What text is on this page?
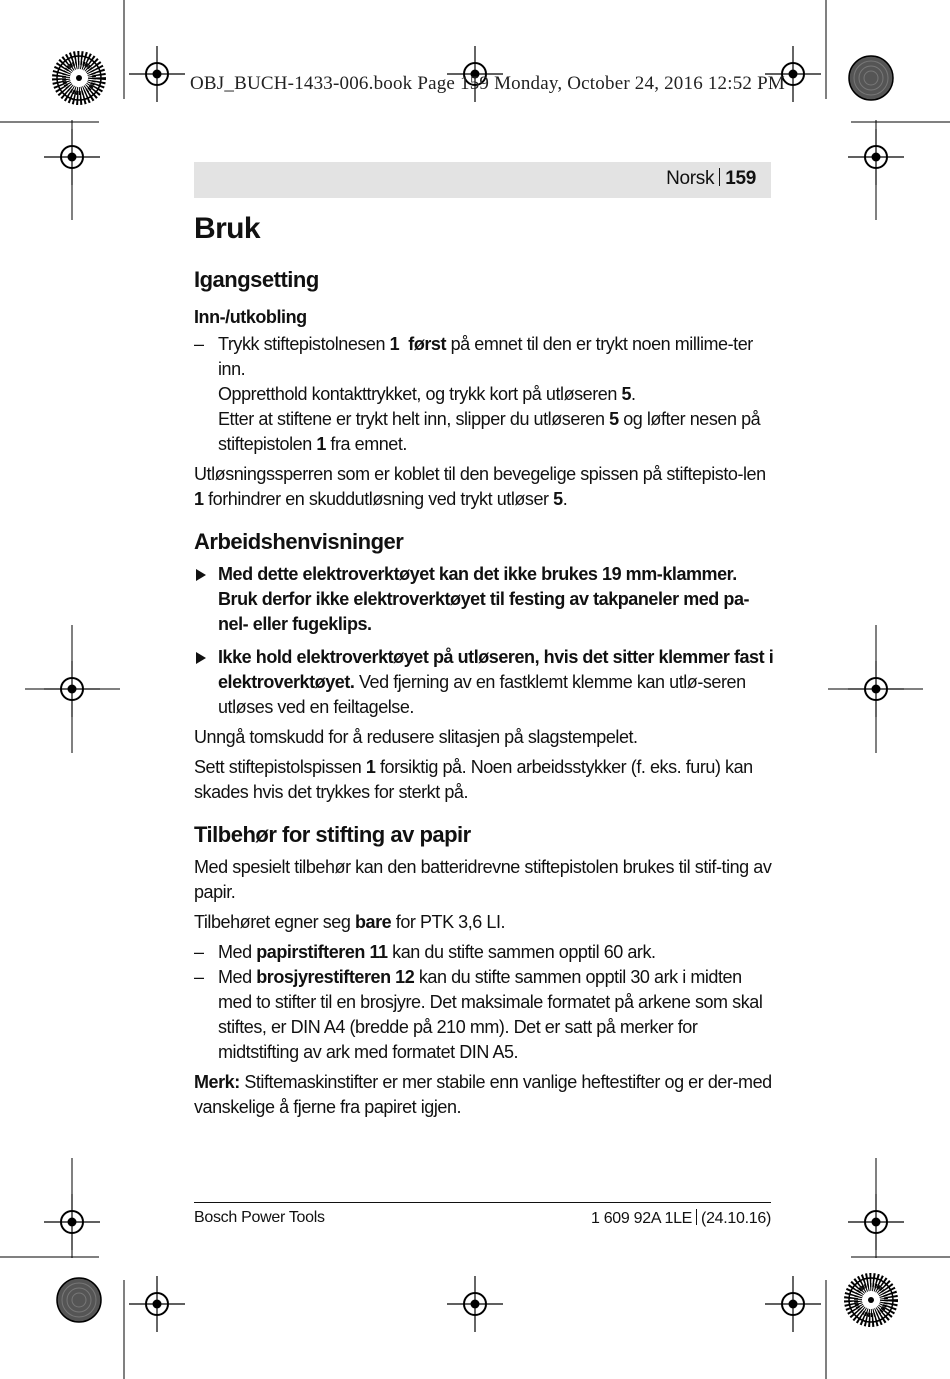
OBJ_BUCH-1433-006.book Page 159 Monday, October 24, 2016 12:52 PM
Norsk 159
Bruk
Igangsetting
Inn-/utkobling
– Trykk stiftepistolnesen 1 først på emnet til den er trykt noen millime-ter inn.

Oppretthold kontakttrykket, og trykk kort på utløseren 5.

Etter at stiftene er trykt helt inn, slipper du utløseren 5 og løfter nesen på stiftepistolen 1 fra emnet.

Utløsningssperren som er koblet til den bevegelige spissen på stiftepisto-len 1 forhindrer en skuddutløsning ved trykt utløser 5.

Arbeidshenvisninger

Med dette elektroverktøyet kan det ikke brukes 19 mm-klammer. Bruk derfor ikke elektroverktøyet til festing av takpaneler med pa-nel- eller fugeklips.

Ikke hold elektroverktøyet på utløseren, hvis det sitter klemmer fast i elektroverktøyet. Ved fjerning av en fastklemt klemme kan utlø-seren utløses ved en feiltagelse.

Unngå tomskudd for å redusere slitasjen på slagstempelet.

Sett stiftepistolspissen 1 forsiktig på. Noen arbeidsstykker (f. eks. furu) kan skades hvis det trykkes for sterkt på.

Tilbehør for stifting av papir

Med spesielt tilbehør kan den batteridrevne stiftepistolen brukes til stif-ting av papir.

Tilbehøret egner seg bare for PTK 3,6 LI.

– Med papirstifteren 11 kan du stifte sammen opptil 60 ark.

– Med brosjyrestifteren 12 kan du stifte sammen opptil 30 ark i midten med to stifter til en brosjyre. Det maksimale formatet på arkene som skal stiftes, er DIN A4 (bredde på 210 mm). Det er satt på merker for midtstifting av ark med formatet DIN A5.

Merk: Stiftemaskinstifter er mer stabile enn vanlige heftestifter og er der-med vanskelige å fjerne fra papiret igjen.

Bosch Power Tools	1 609 92A 1LE (24.10.16)
